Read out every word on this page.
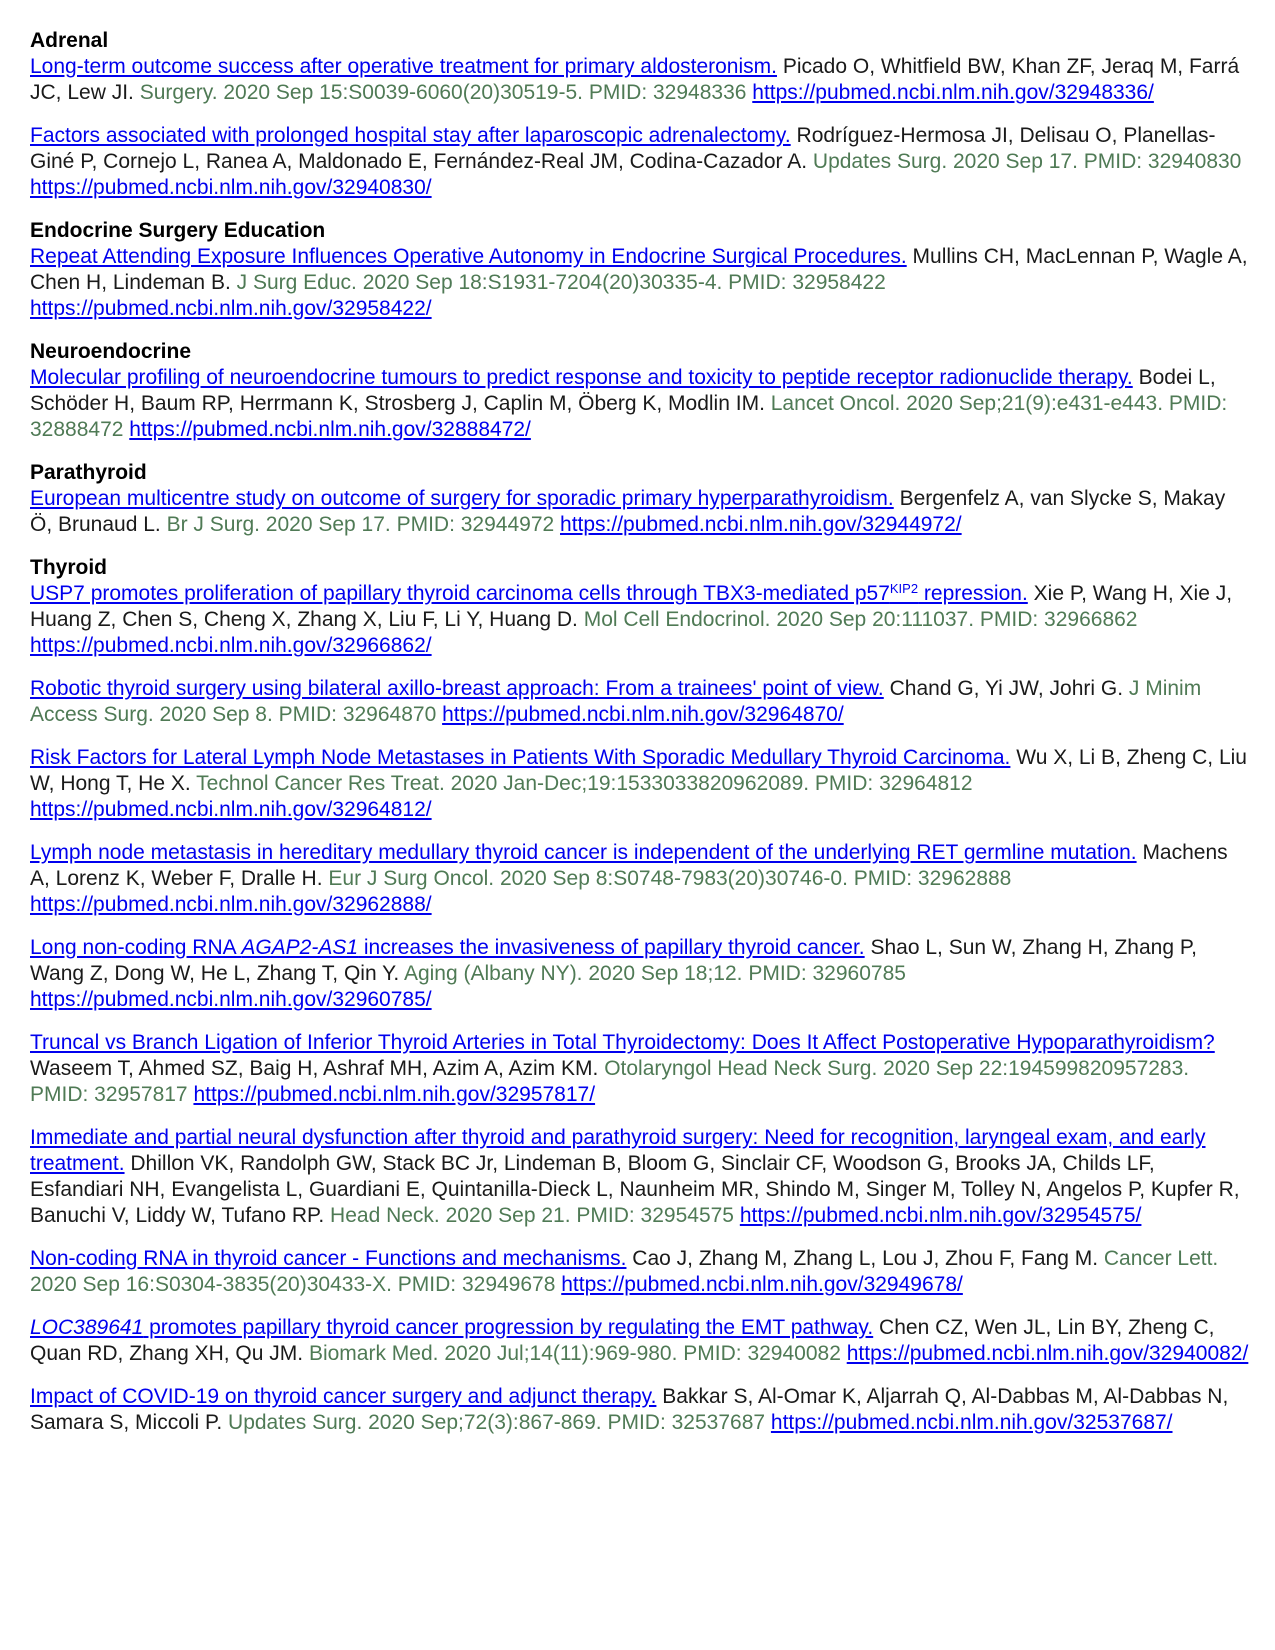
Adrenal

Long-term outcome success after operative treatment for primary aldosteronism. Picado O, Whitfield BW, Khan ZF, Jeraq M, Farrá JC, Lew JI. Surgery. 2020 Sep 15:S0039-6060(20)30519-5. PMID: 32948336 https://pubmed.ncbi.nlm.nih.gov/32948336/

Factors associated with prolonged hospital stay after laparoscopic adrenalectomy. Rodríguez-Hermosa JI, Delisau O, Planellas-Giné P, Cornejo L, Ranea A, Maldonado E, Fernández-Real JM, Codina-Cazador A. Updates Surg. 2020 Sep 17. PMID: 32940830 https://pubmed.ncbi.nlm.nih.gov/32940830/

Endocrine Surgery Education

Repeat Attending Exposure Influences Operative Autonomy in Endocrine Surgical Procedures. Mullins CH, MacLennan P, Wagle A, Chen H, Lindeman B. J Surg Educ. 2020 Sep 18:S1931-7204(20)30335-4. PMID: 32958422 https://pubmed.ncbi.nlm.nih.gov/32958422/

Neuroendocrine

Molecular profiling of neuroendocrine tumours to predict response and toxicity to peptide receptor radionuclide therapy. Bodei L, Schöder H, Baum RP, Herrmann K, Strosberg J, Caplin M, Öberg K, Modlin IM. Lancet Oncol. 2020 Sep;21(9):e431-e443. PMID: 32888472 https://pubmed.ncbi.nlm.nih.gov/32888472/

Parathyroid

European multicentre study on outcome of surgery for sporadic primary hyperparathyroidism. Bergenfelz A, van Slycke S, Makay Ö, Brunaud L. Br J Surg. 2020 Sep 17. PMID: 32944972 https://pubmed.ncbi.nlm.nih.gov/32944972/

Thyroid

USP7 promotes proliferation of papillary thyroid carcinoma cells through TBX3-mediated p57$^{KIP2}$ repression. Xie P, Wang H, Xie J, Huang Z, Chen S, Cheng X, Zhang X, Liu F, Li Y, Huang D. Mol Cell Endocrinol. 2020 Sep 20:111037. PMID: 32966862 https://pubmed.ncbi.nlm.nih.gov/32966862/

Robotic thyroid surgery using bilateral axillo-breast approach: From a trainees' point of view. Chand G, Yi JW, Johri G. J Minim Access Surg. 2020 Sep 8. PMID: 32964870 https://pubmed.ncbi.nlm.nih.gov/32964870/

Risk Factors for Lateral Lymph Node Metastases in Patients With Sporadic Medullary Thyroid Carcinoma. Wu X, Li B, Zheng C, Liu W, Hong T, He X. Technol Cancer Res Treat. 2020 Jan-Dec;19:1533033820962089. PMID: 32964812 https://pubmed.ncbi.nlm.nih.gov/32964812/

Lymph node metastasis in hereditary medullary thyroid cancer is independent of the underlying RET germline mutation. Machens A, Lorenz K, Weber F, Dralle H. Eur J Surg Oncol. 2020 Sep 8:S0748-7983(20)30746-0. PMID: 32962888 https://pubmed.ncbi.nlm.nih.gov/32962888/

Long non-coding RNA AGAP2-AS1 increases the invasiveness of papillary thyroid cancer. Shao L, Sun W, Zhang H, Zhang P, Wang Z, Dong W, He L, Zhang T, Qin Y. Aging (Albany NY). 2020 Sep 18;12. PMID: 32960785 https://pubmed.ncbi.nlm.nih.gov/32960785/

Truncal vs Branch Ligation of Inferior Thyroid Arteries in Total Thyroidectomy: Does It Affect Postoperative Hypoparathyroidism? Waseem T, Ahmed SZ, Baig H, Ashraf MH, Azim A, Azim KM. Otolaryngol Head Neck Surg. 2020 Sep 22:194599820957283. PMID: 32957817 https://pubmed.ncbi.nlm.nih.gov/32957817/

Immediate and partial neural dysfunction after thyroid and parathyroid surgery: Need for recognition, laryngeal exam, and early treatment. Dhillon VK, Randolph GW, Stack BC Jr, Lindeman B, Bloom G, Sinclair CF, Woodson G, Brooks JA, Childs LF, Esfandiari NH, Evangelista L, Guardiani E, Quintanilla-Dieck L, Naunheim MR, Shindo M, Singer M, Tolley N, Angelos P, Kupfer R, Banuchi V, Liddy W, Tufano RP. Head Neck. 2020 Sep 21. PMID: 32954575 https://pubmed.ncbi.nlm.nih.gov/32954575/

Non-coding RNA in thyroid cancer - Functions and mechanisms. Cao J, Zhang M, Zhang L, Lou J, Zhou F, Fang M. Cancer Lett. 2020 Sep 16:S0304-3835(20)30433-X. PMID: 32949678 https://pubmed.ncbi.nlm.nih.gov/32949678/

LOC389641 promotes papillary thyroid cancer progression by regulating the EMT pathway. Chen CZ, Wen JL, Lin BY, Zheng C, Quan RD, Zhang XH, Qu JM. Biomark Med. 2020 Jul;14(11):969-980. PMID: 32940082 https://pubmed.ncbi.nlm.nih.gov/32940082/

Impact of COVID-19 on thyroid cancer surgery and adjunct therapy. Bakkar S, Al-Omar K, Aljarrah Q, Al-Dabbas M, Al-Dabbas N, Samara S, Miccoli P. Updates Surg. 2020 Sep;72(3):867-869. PMID: 32537687 https://pubmed.ncbi.nlm.nih.gov/32537687/
